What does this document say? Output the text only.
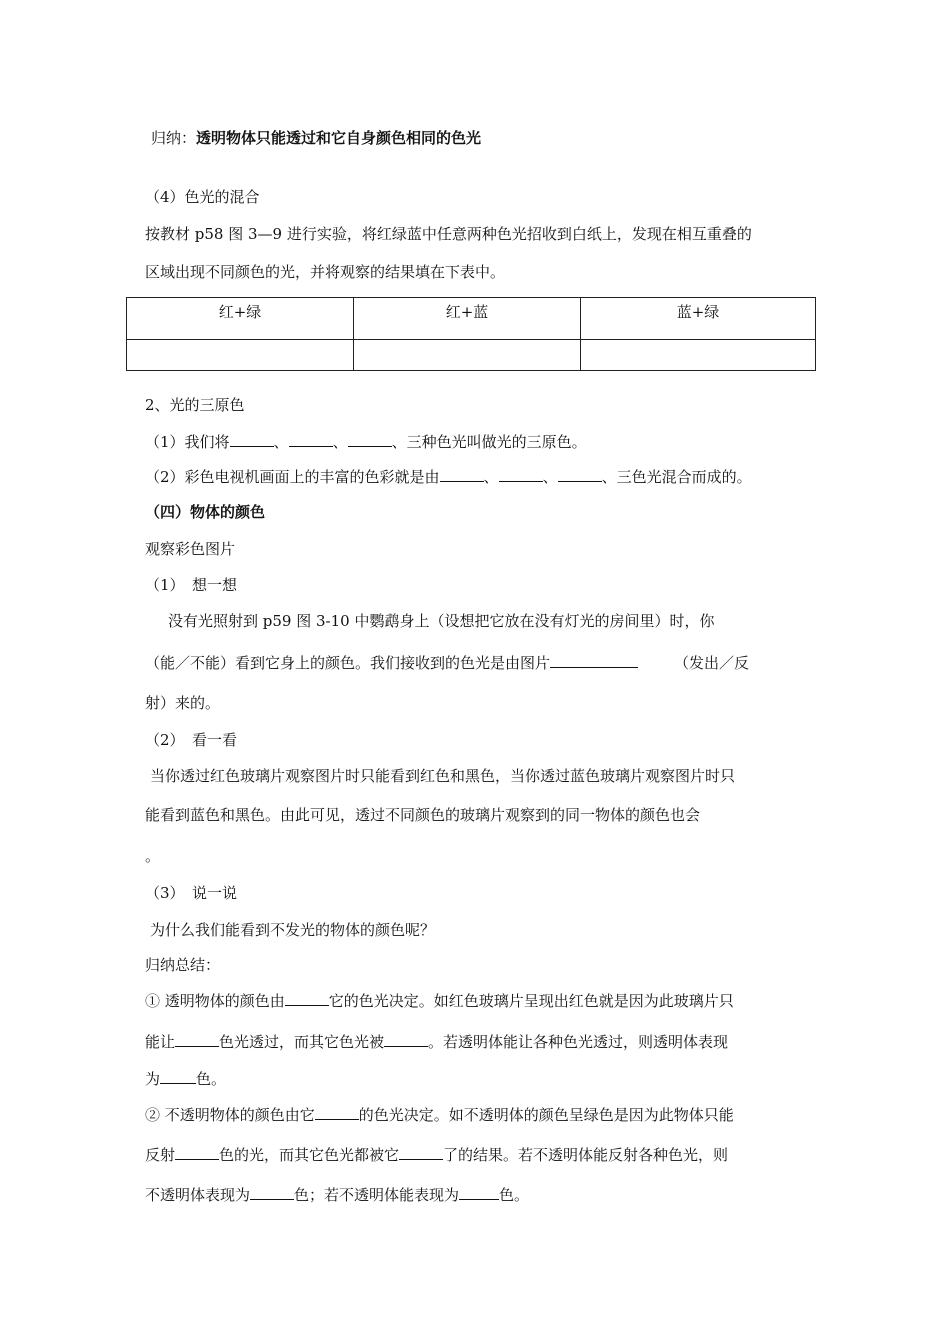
归纳：透明物体只能透过和它自身颜色相同的色光
（4）色光的混合
按教材 p58 图 3—9 进行实验，将红绿蓝中任意两种色光招收到白纸上，发现在相互重叠的
区域出现不同颜色的光，并将观察的结果填在下表中。
红+绿	红+蓝	蓝+绿

2、光的三原色
（1）我们将	、	、	、三种色光叫做光的三原色。
（2）彩色电视机画面上的丰富的色彩就是由	、	、	、三色光混合而成的。
（四）物体的颜色
观察彩色图片
（1）　想一想
没有光照射到 p59 图 3-10 中鹦鹉身上（设想把它放在没有灯光的房间里）时，你
（能／不能）看到它身上的颜色。我们接收到的色光是由图片	（发出／反
射）来的。
（2）　看一看
当你透过红色玻璃片观察图片时只能看到红色和黑色，当你透过蓝色玻璃片观察图片时只
能看到蓝色和黑色。由此可见，透过不同颜色的玻璃片观察到的同一物体的颜色也会
。
（3）　说一说
为什么我们能看到不发光的物体的颜色呢？
归纳总结：
① 透明物体的颜色由	它的色光决定。如红色玻璃片呈现出红色就是因为此玻璃片只
能让	色光透过，而其它色光被	。若透明体能让各种色光透过，则透明体表现
为 色。
② 不透明物体的颜色由它	的色光决定。如不透明体的颜色呈绿色是因为此物体只能
反射	色的光，而其它色光都被它	了的结果。若不透明体能反射各种色光，则
不透明体表现为	色；若不透明体能表现为	色。
